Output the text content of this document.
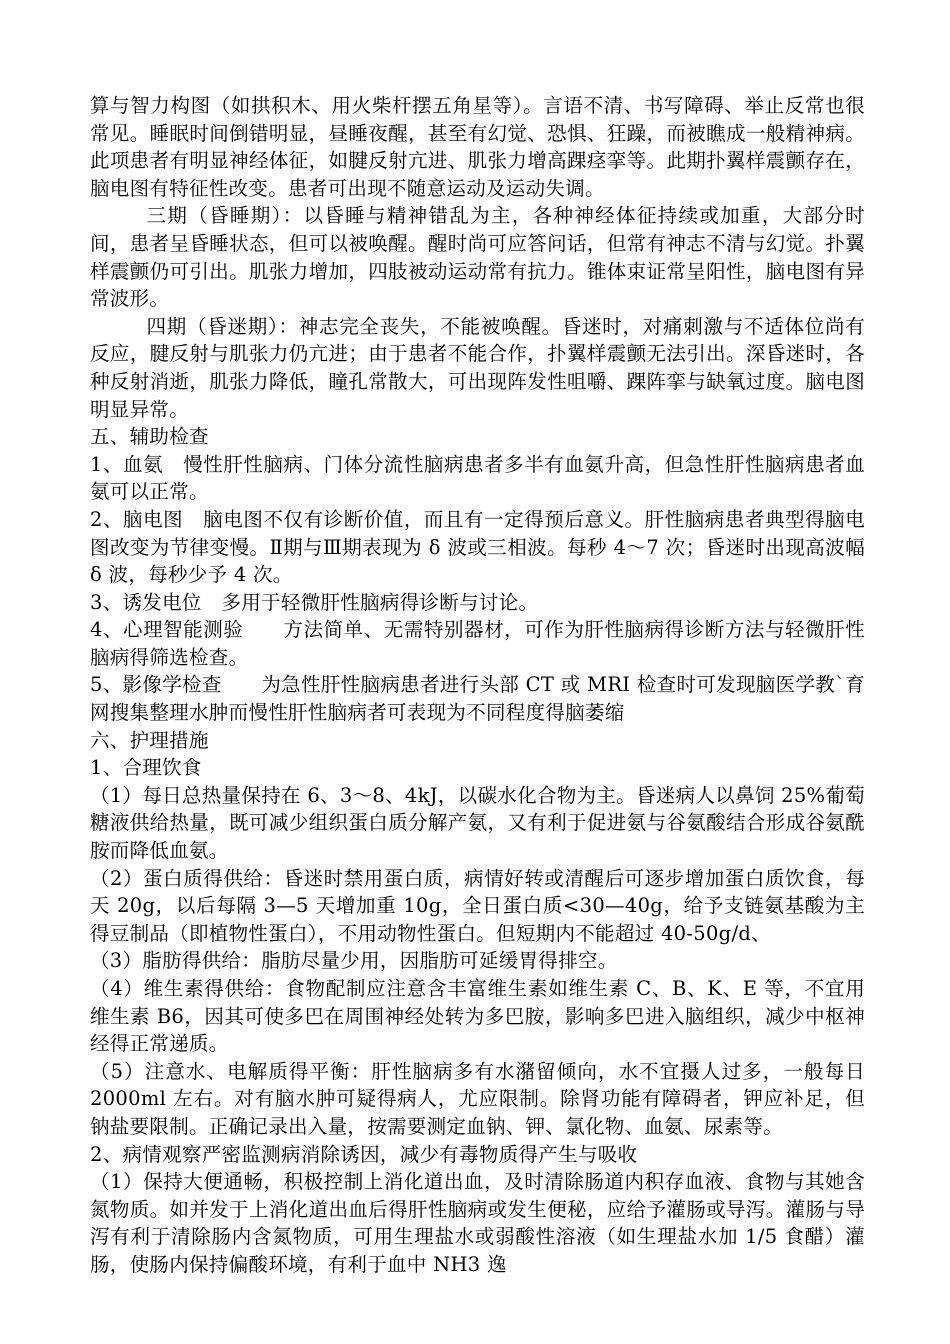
算与智力构图（如拱积木、用火柴杆摆五角星等）。言语不清、书写障碍、举止反常也很常见。睡眠时间倒错明显，昼睡夜醒，甚至有幻觉、恐惧、狂躁，而被瞧成一般精神病。此项患者有明显神经体征，如腱反射亢进、肌张力增高踝痉挛等。此期扑翼样震颤存在，脑电图有特征性改变。患者可出现不随意运动及运动失调。

三期（昏睡期）：以昏睡与精神错乱为主，各种神经体征持续或加重，大部分时间，患者呈昏睡状态，但可以被唤醒。醒时尚可应答问话，但常有神志不清与幻觉。扑翼样震颤仍可引出。肌张力增加，四肢被动运动常有抗力。锥体束证常呈阳性，脑电图有异常波形。

四期（昏迷期）：神志完全丧失，不能被唤醒。昏迷时，对痛刺激与不适体位尚有反应，腱反射与肌张力仍亢进；由于患者不能合作，扑翼样震颤无法引出。深昏迷时，各种反射消逝，肌张力降低，瞳孔常散大，可出现阵发性咀嚼、踝阵挛与缺氧过度。脑电图明显异常。

五、辅助检查

1、血氨　慢性肝性脑病、门体分流性脑病患者多半有血氨升高，但急性肝性脑病患者血氨可以正常。

2、脑电图　脑电图不仅有诊断价值，而且有一定得预后意义。肝性脑病患者典型得脑电图改变为节律变慢。Ⅱ期与Ⅲ期表现为 δ 波或三相波。每秒 4～7 次；昏迷时出现高波幅 δ 波，每秒少予 4 次。

3、诱发电位　多用于轻微肝性脑病得诊断与讨论。

4、心理智能测验　　方法简单、无需特别器材，可作为肝性脑病得诊断方法与轻微肝性脑病得筛选检查。

5、影像学检查　　为急性肝性脑病患者进行头部 CT 或 MRI 检查时可发现脑医学教`育网搜集整理水肿而慢性肝性脑病者可表现为不同程度得脑萎缩

六、护理措施

1、合理饮食

（1）每日总热量保持在 6、3～8、4kJ，以碳水化合物为主。昏迷病人以鼻饲 25%葡萄糖液供给热量，既可减少组织蛋白质分解产氨，又有利于促进氨与谷氨酸结合形成谷氨酰胺而降低血氨。

（2）蛋白质得供给：昏迷时禁用蛋白质，病情好转或清醒后可逐步增加蛋白质饮食，每天 20g，以后每隔 3—5 天增加重 10g，全日蛋白质<30—40g，给予支链氨基酸为主得豆制品（即植物性蛋白），不用动物性蛋白。但短期内不能超过 40-50g/d、

（3）脂肪得供给：脂肪尽量少用，因脂肪可延缓胃得排空。

（4）维生素得供给：食物配制应注意含丰富维生素如维生素 C、B、K、E 等，不宜用维生素 B6，因其可使多巴在周围神经处转为多巴胺，影响多巴进入脑组织，减少中枢神经得正常递质。

（5）注意水、电解质得平衡：肝性脑病多有水潴留倾向，水不宜摄人过多，一般每日 2000ml 左右。对有脑水肿可疑得病人，尤应限制。除肾功能有障碍者，钾应补足，但钠盐要限制。正确记录出入量，按需要测定血钠、钾、氯化物、血氨、尿素等。

2、病情观察严密监测病消除诱因，减少有毒物质得产生与吸收

（1）保持大便通畅，积极控制上消化道出血，及时清除肠道内积存血液、食物与其她含氮物质。如并发于上消化道出血后得肝性脑病或发生便秘，应给予灌肠或导泻。灌肠与导泻有利于清除肠内含氮物质，可用生理盐水或弱酸性溶液（如生理盐水加 1/5 食醋）灌肠，使肠内保持偏酸环境，有利于血中 NH3 逸
